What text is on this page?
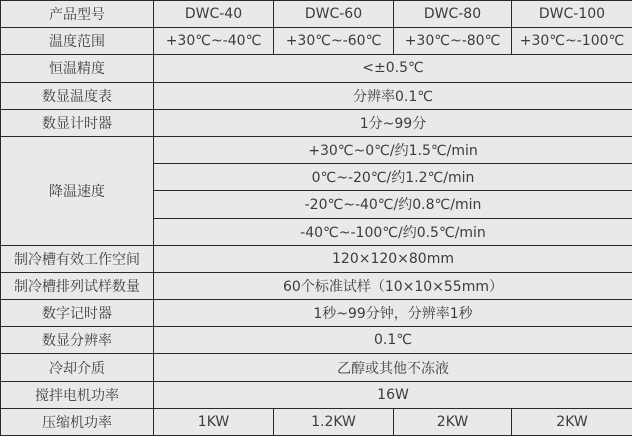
产品型号	DWC-40	DWC-60	DWC-80	DWC-100
温度范围	+30℃~-40℃	+30℃~-60℃	+30℃~-80℃	+30℃~-100℃
恒温精度	<±0.5℃			
数显温度表	分辨率0.1℃			
数显计时器	1分~99分			
降温速度	+30℃~0℃/约1.5℃/min			
	0℃~-20℃/约1.2℃/min			
	-20℃~-40℃/约0.8℃/min			
	-40℃~-100℃/约0.5℃/min			
制冷槽有效工作空间	120×120×80mm			
制冷槽排列试样数量	60个标准试样（10×10×55mm）			
数字记时器	1秒~99分钟，分辨率1秒			
数显分辨率	0.1℃			
冷却介质	乙醇或其他不冻液			
搅拌电机功率	16W			
压缩机功率	1KW	1.2KW	2KW	2KW
